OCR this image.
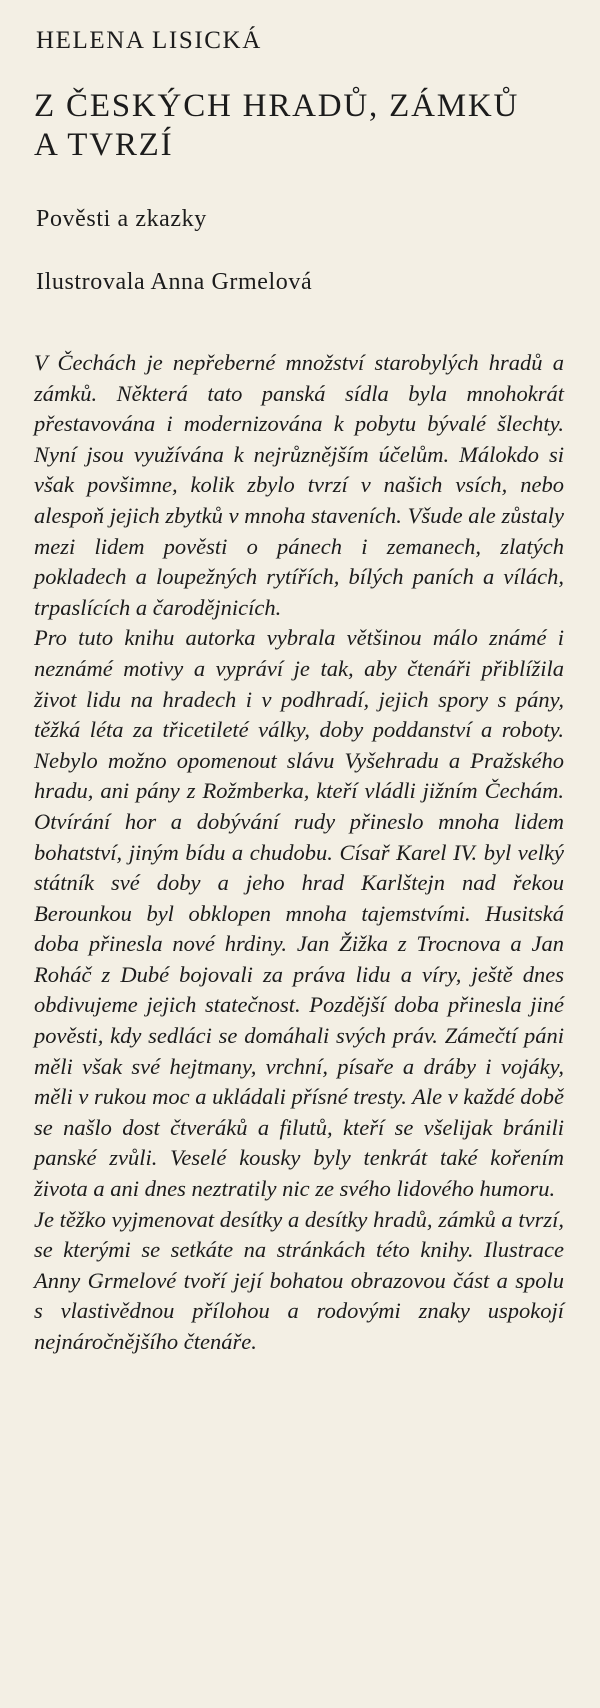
HELENA LISICKÁ
Z ČESKÝCH HRADŮ, ZÁMKŮ
A TVRZÍ
Pověsti a zkazky
Ilustrovala Anna Grmelová

V Čechách je nepřeberné množství starobylých hradů a zámků. Některá tato panská sídla byla mnohokrát přestavována i modernizována k pobytu bývalé šlechty. Nyní jsou využívána k nejrůznějším účelům. Málokdo si však povšimne, kolik zbylo tvrzí v našich vsích, nebo alespoň jejich zbytků v mnoha staveních. Všude ale zůstaly mezi lidem pověsti o pánech i zemanech, zlatých pokladech a loupežných rytířích, bílých paních a vílách, trpaslících a čarodějnicích.

Pro tuto knihu autorka vybrala většinou málo známé i neznámé motivy a vypráví je tak, aby čtenáři přiblížila život lidu na hradech i v podhradí, jejich spory s pány, těžká léta za třicetileté války, doby poddanství a roboty. Nebylo možno opomenout slávu Vyšehradu a Pražského hradu, ani pány z Rožmberka, kteří vládli jižním Čechám. Otvírání hor a dobývání rudy přineslo mnoha lidem bohatství, jiným bídu a chudobu. Císař Karel IV. byl velký státník své doby a jeho hrad Karlštejn nad řekou Berounkou byl obklopen mnoha tajemstvími. Husitská doba přinesla nové hrdiny. Jan Žižka z Trocnova a Jan Roháč z Dubé bojovali za práva lidu a víry, ještě dnes obdivujeme jejich statečnost. Pozdější doba přinesla jiné pověsti, kdy sedláci se domáhali svých práv. Zámečtí páni měli však své hejtmany, vrchní, písaře a dráby i vojáky, měli v rukou moc a ukládali přísné tresty. Ale v každé době se našlo dost čtveráků a filutů, kteří se všelijak bránili panské zvůli. Veselé kousky byly tenkrát také kořením života a ani dnes neztratily nic ze svého lidového humoru.

Je těžko vyjmenovat desítky a desítky hradů, zámků a tvrzí, se kterými se setkáte na stránkách této knihy. Ilustrace Anny Grmelové tvoří její bohatou obrazovou část a spolu s vlastivědnou přílohou a rodovými znaky uspokojí nejnáročnějšího čtenáře.
